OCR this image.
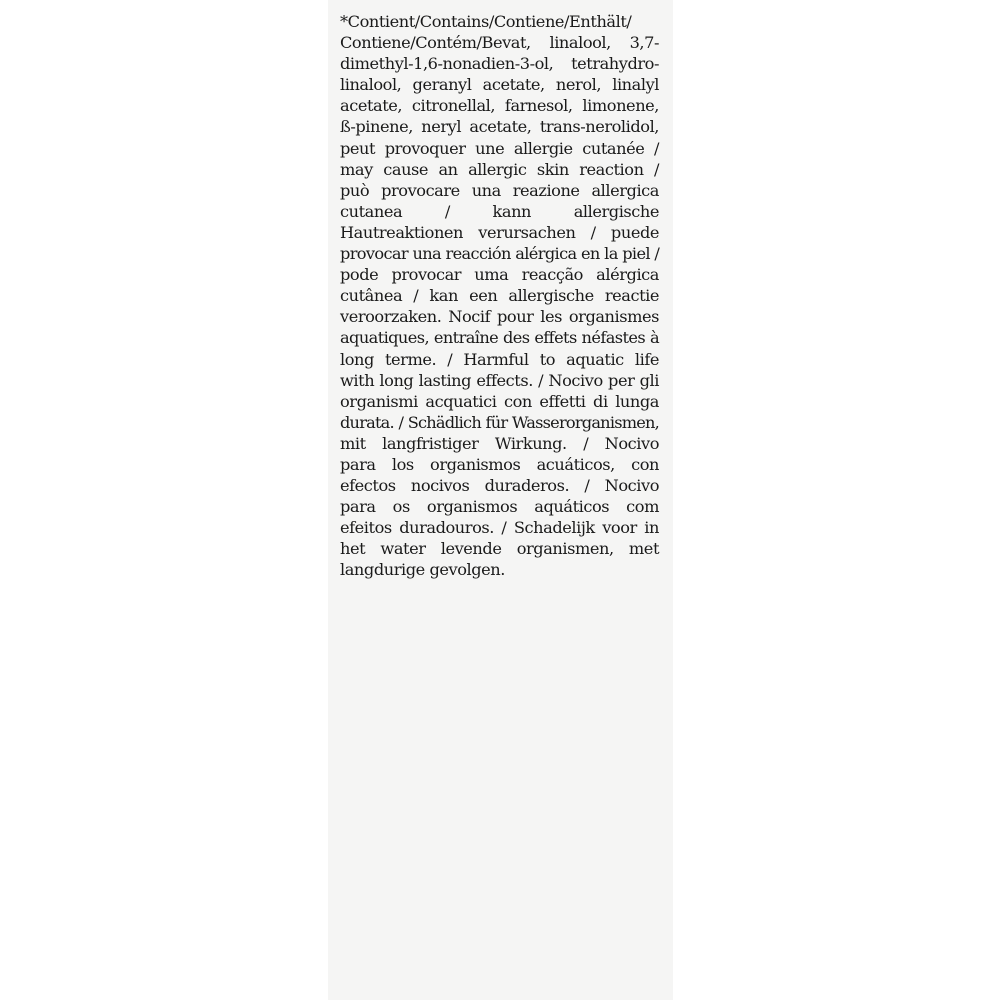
*Contient/Contains/Contiene/Enthält/
Contiene/Contém/Bevat, linalool, 3,7-
dimethyl-1,6-nonadien-3-ol, tetrahydro-
linalool, geranyl acetate, nerol, linalyl
acetate, citronellal, farnesol, limonene,
ß-pinene, neryl acetate, trans-nerolidol,
peut provoquer une allergie cutanée /
may cause an allergic skin reaction /
può provocare una reazione allergica
cutanea / kann allergische
Hautreaktionen verursachen / puede
provocar una reacción alérgica en la piel /
pode provocar uma reacção alérgica
cutânea / kan een allergische reactie
veroorzaken. Nocif pour les organismes
aquatiques, entraîne des effets néfastes à
long terme. / Harmful to aquatic life
with long lasting effects. / Nocivo per gli
organismi acquatici con effetti di lunga
durata. / Schädlich für Wasserorganismen,
mit langfristiger Wirkung. / Nocivo
para los organismos acuáticos, con
efectos nocivos duraderos. / Nocivo
para os organismos aquáticos com
efeitos duradouros. / Schadelijk voor in
het water levende organismen, met
langdurige gevolgen.
